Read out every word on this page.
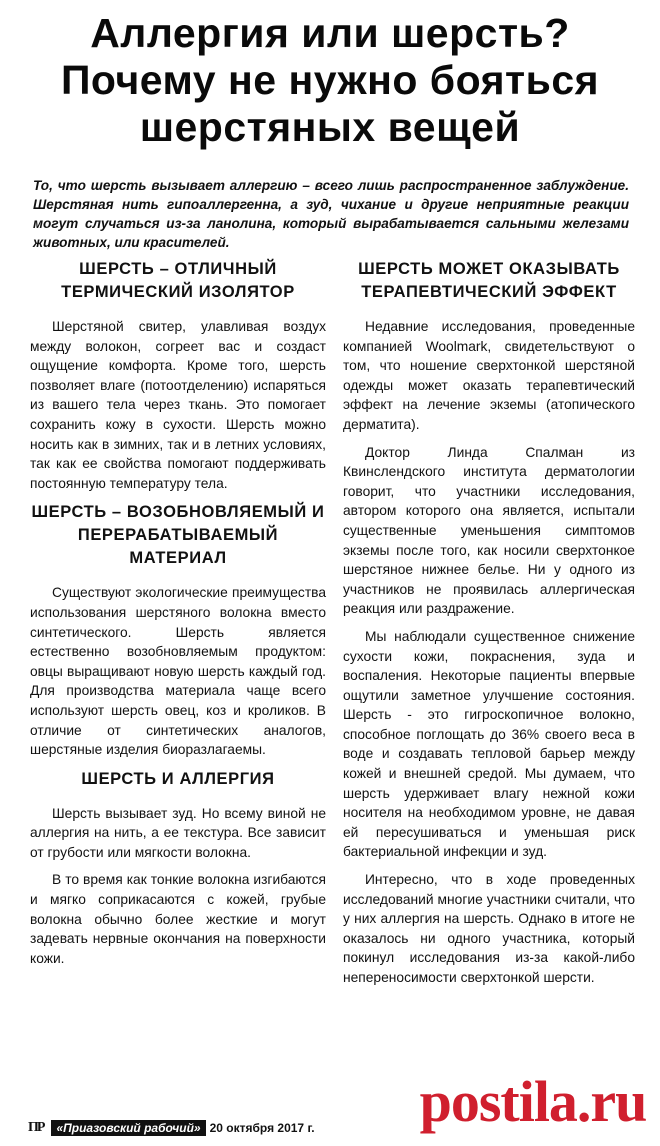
Аллергия или шерсть?
Почему не нужно бояться
шерстяных вещей

То, что шерсть вызывает аллергию – всего лишь распространенное заблуждение. Шерстяная нить гипоаллергенна, а зуд, чихание и другие неприятные реакции могут случаться из-за ланолина, который вырабатывается сальными железами животных, или красителей.

ШЕРСТЬ – ОТЛИЧНЫЙ ТЕРМИЧЕСКИЙ ИЗОЛЯТОР

Шерстяной свитер, улавливая воздух между волокон, согреет вас и создаст ощущение комфорта. Кроме того, шерсть позволяет влаге (потоотделению) испаряться из вашего тела через ткань. Это помогает сохранить кожу в сухости. Шерсть можно носить как в зимних, так и в летних условиях, так как ее свойства помогают поддерживать постоянную температуру тела.

ШЕРСТЬ – ВОЗОБНОВЛЯЕМЫЙ И ПЕРЕРАБАТЫВАЕМЫЙ МАТЕРИАЛ

Существуют экологические преимущества использования шерстяного волокна вместо синтетического. Шерсть является естественно возобновляемым продуктом: овцы выращивают новую шерсть каждый год. Для производства материала чаще всего используют шерсть овец, коз и кроликов. В отличие от синтетических аналогов, шерстяные изделия биоразлагаемы.

ШЕРСТЬ И АЛЛЕРГИЯ

Шерсть вызывает зуд. Но всему виной не аллергия на нить, а ее текстура. Все зависит от грубости или мягкости волокна.

В то время как тонкие волокна изгибаются и мягко соприкасаются с кожей, грубые волокна обычно более жесткие и могут задевать нервные окончания на поверхности кожи.

ШЕРСТЬ МОЖЕТ ОКАЗЫВАТЬ ТЕРАПЕВТИЧЕСКИЙ ЭФФЕКТ

Недавние исследования, проведенные компанией Woolmark, свидетельствуют о том, что ношение сверхтонкой шерстяной одежды может оказать терапевтический эффект на лечение экземы (атопического дерматита).

Доктор Линда Спалман из Квинслендского института дерматологии говорит, что участники исследования, автором которого она является, испытали существенные уменьшения симптомов экземы после того, как носили сверхтонкое шерстяное нижнее белье. Ни у одного из участников не проявилась аллергическая реакция или раздражение.

Мы наблюдали существенное снижение сухости кожи, покраснения, зуда и воспаления. Некоторые пациенты впервые ощутили заметное улучшение состояния. Шерсть - это гигроскопичное волокно, способное поглощать до 36% своего веса в воде и создавать тепловой барьер между кожей и внешней средой. Мы думаем, что шерсть удерживает влагу нежной кожи носителя на необходимом уровне, не давая ей пересушиваться и уменьшая риск бактериальной инфекции и зуд.

Интересно, что в ходе проведенных исследований многие участники считали, что у них аллергия на шерсть. Однако в итоге не оказалось ни одного участника, который покинул исследования из-за какой-либо непереносимости сверхтонкой шерсти.

ПР	«Приазовский рабочий» 20 октября 2017 г. postila.ru
